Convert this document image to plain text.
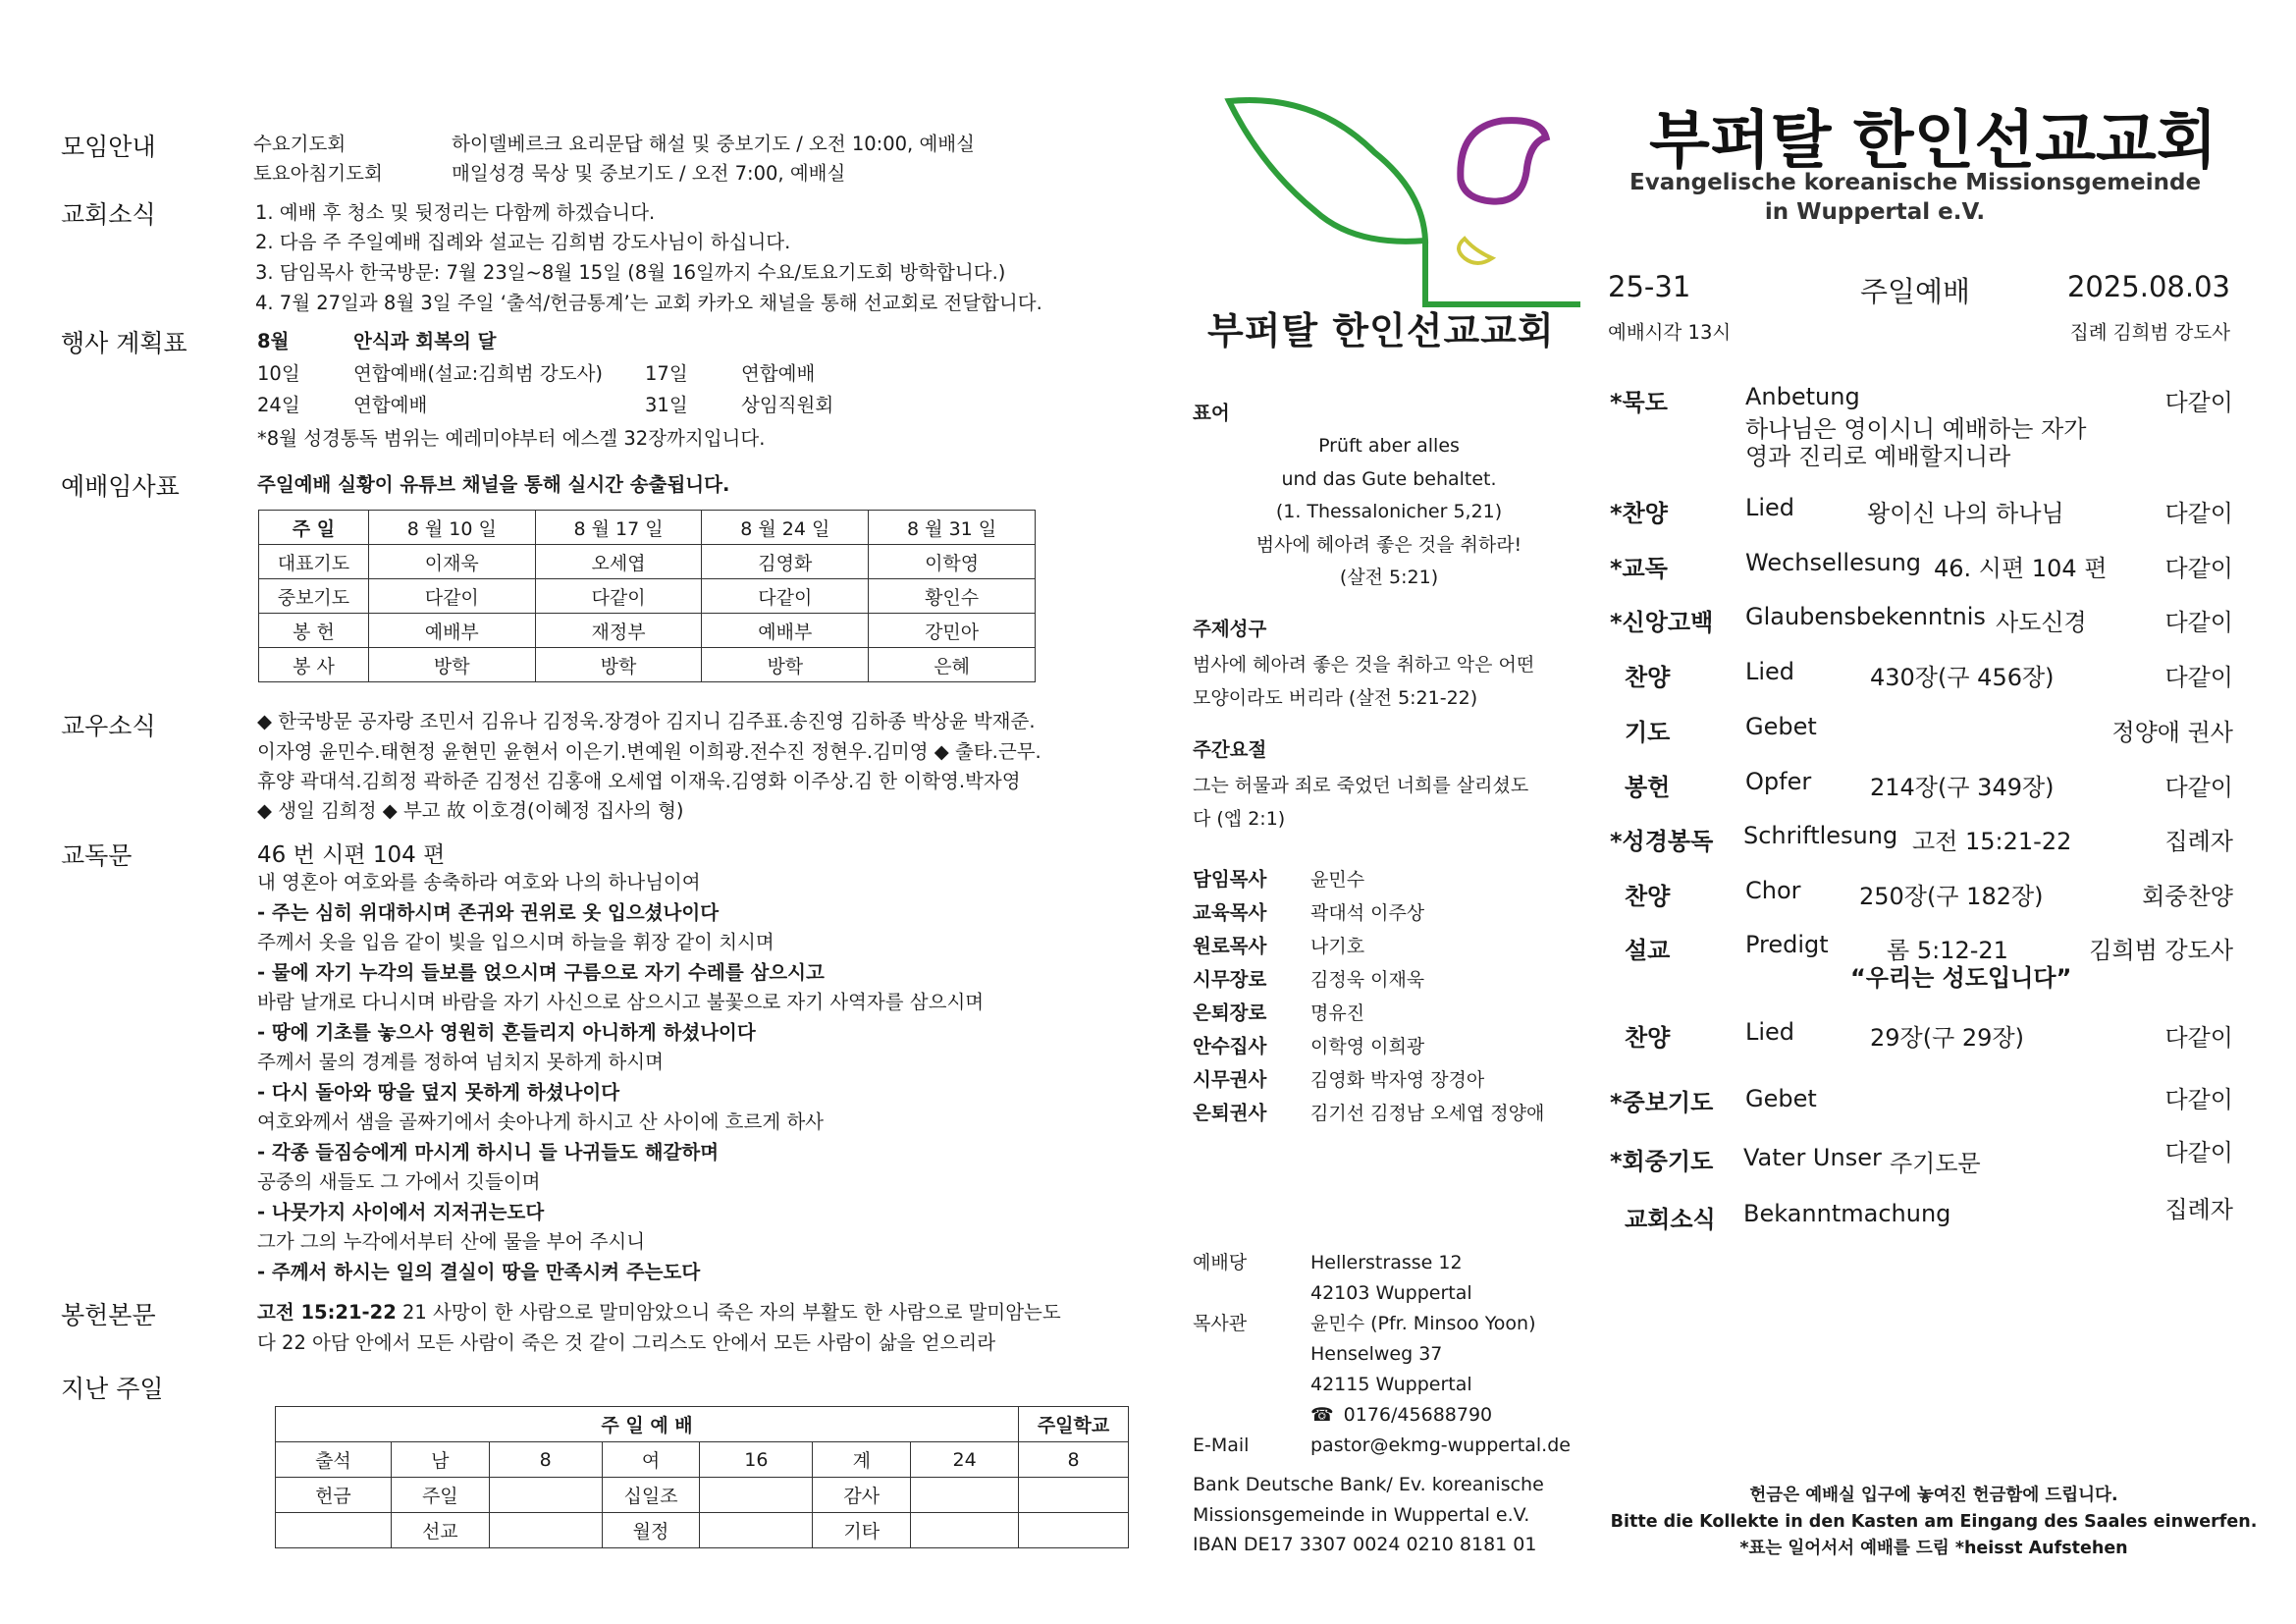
모임안내	수요기도회	하이델베르크 요리문답 해설 및 중보기도 / 오전 10:00, 예배실
토요아침기도회	매일성경 묵상 및 중보기도 / 오전 7:00, 예배실
교회소식	1. 예배 후 청소 및 뒷정리는 다함께 하겠습니다.
2. 다음 주 주일예배 집례와 설교는 김희범 강도사님이 하십니다.
3. 담임목사 한국방문: 7월 23일~8월 15일 (8월 16일까지 수요/토요기도회 방학합니다.)
4. 7월 27일과 8월 3일 주일 ‘출석/헌금통계’는 교회 카카오 채널을 통해 선교회로 전달합니다.
행사 계획표	8월	안식과 회복의 달
10일	연합예배(설교:김희범 강도사) 17일	연합예배
24일	연합예배	31일	상임직원회
*8월 성경통독 범위는 예레미야부터 에스겔 32장까지입니다.
예배임사표	주일예배 실황이 유튜브 채널을 통해 실시간 송출됩니다.
주 일	8 월 10 일	8 월 17 일	8 월 24 일	8 월 31 일
대표기도	이재욱	오세엽	김영화	이학영
중보기도	다같이	다같이	다같이	황인수
봉 헌	예배부	재정부	예배부	강민아
봉 사	방학	방학	방학	은혜
교우소식	◆ 한국방문 공자랑 조민서 김유나 김정욱.장경아 김지니 김주표.송진영 김하종 박상윤 박재준.
이자영 윤민수.태현정 윤현민 윤현서 이은기.변예원 이희광.전수진 정현우.김미영 ◆ 출타.근무.
휴양 곽대석.김희정 곽하준 김정선 김홍애 오세엽 이재욱.김영화 이주상.김 한 이학영.박자영
◆ 생일 김희정 ◆ 부고 故 이호경(이혜정 집사의 형)
교독문	46 번 시편 104 편
내 영혼아 여호와를 송축하라 여호와 나의 하나님이여
- 주는 심히 위대하시며 존귀와 권위로 옷 입으셨나이다
주께서 옷을 입음 같이 빛을 입으시며 하늘을 휘장 같이 치시며
- 물에 자기 누각의 들보를 얹으시며 구름으로 자기 수레를 삼으시고
바람 날개로 다니시며 바람을 자기 사신으로 삼으시고 불꽃으로 자기 사역자를 삼으시며
- 땅에 기초를 놓으사 영원히 흔들리지 아니하게 하셨나이다
주께서 물의 경계를 정하여 넘치지 못하게 하시며
- 다시 돌아와 땅을 덮지 못하게 하셨나이다
여호와께서 샘을 골짜기에서 솟아나게 하시고 산 사이에 흐르게 하사
- 각종 들짐승에게 마시게 하시니 들 나귀들도 해갈하며
공중의 새들도 그 가에서 깃들이며
- 나뭇가지 사이에서 지저귀는도다
그가 그의 누각에서부터 산에 물을 부어 주시니
- 주께서 하시는 일의 결실이 땅을 만족시켜 주는도다
봉헌본문	고전 15:21-22 21 사망이 한 사람으로 말미암았으니 죽은 자의 부활도 한 사람으로 말미암는도
다 22 아담 안에서 모든 사람이 죽은 것 같이 그리스도 안에서 모든 사람이 삶을 얻으리라
지난 주일
주 일 예 배							주일학교
출석	남	8	여	16	계	24	8
헌금	주일		십일조		감사		
	선교		월정		기타		
부퍼탈 한인선교교회
표어
Prüft aber alles
und das Gute behaltet.
(1. Thessalonicher 5,21)
범사에 헤아려 좋은 것을 취하라!
(살전 5:21)
주제성구
범사에 헤아려 좋은 것을 취하고 악은 어떤
모양이라도 버리라 (살전 5:21-22)
주간요절
그는 허물과 죄로 죽었던 너희를 살리셨도
다 (엡 2:1)
담임목사 윤민수
교육목사 곽대석 이주상
원로목사 나기호
시무장로 김정욱 이재욱
은퇴장로 명유진
안수집사 이학영 이희광
시무권사 김영화 박자영 장경아
은퇴권사 김기선 김정남 오세엽 정양애
예배당	Hellerstrasse 12
42103 Wuppertal
목사관	윤민수 (Pfr. Minsoo Yoon)
Henselweg 37
42115 Wuppertal
☎ 0176/45688790
E-Mail	pastor@ekmg-wuppertal.de
Bank Deutsche Bank/ Ev. koreanische
Missionsgemeinde in Wuppertal e.V.
IBAN DE17 3307 0024 0210 8181 01
부퍼탈 한인선교교회
Evangelische koreanische Missionsgemeinde
in Wuppertal e.V.
25-31	주일예배	2025.08.03
예배시각 13시	집례 김희범 강도사
*묵도	Anbetung	다같이
하나님은 영이시니 예배하는 자가
영과 진리로 예배할지니라
*찬양	Lied	왕이신 나의 하나님	다같이
*교독	Wechsellesung 46. 시편 104 편	다같이
*신앙고백 Glaubensbekenntnis 사도신경	다같이
찬양	Lied	430장(구 456장)	다같이
기도	Gebet	정양애 권사
봉헌	Opfer 214장(구 349장)	다같이
*성경봉독 Schriftlesung 고전 15:21-22	집례자
찬양	Chor 250장(구 182장)	회중찬양
설교	Predigt 롬 5:12-21	김희범 강도사
“우리는 성도입니다”
찬양	Lied	29장(구 29장)	다같이
*중보기도 Gebet	다같이
*회중기도 Vater Unser 주기도문	다같이
교회소식 Bekanntmachung	집례자
헌금은 예배실 입구에 놓여진 헌금함에 드립니다.
Bitte die Kollekte in den Kasten am Eingang des Saales einwerfen.
*표는 일어서서 예배를 드림 *heisst Aufstehen
